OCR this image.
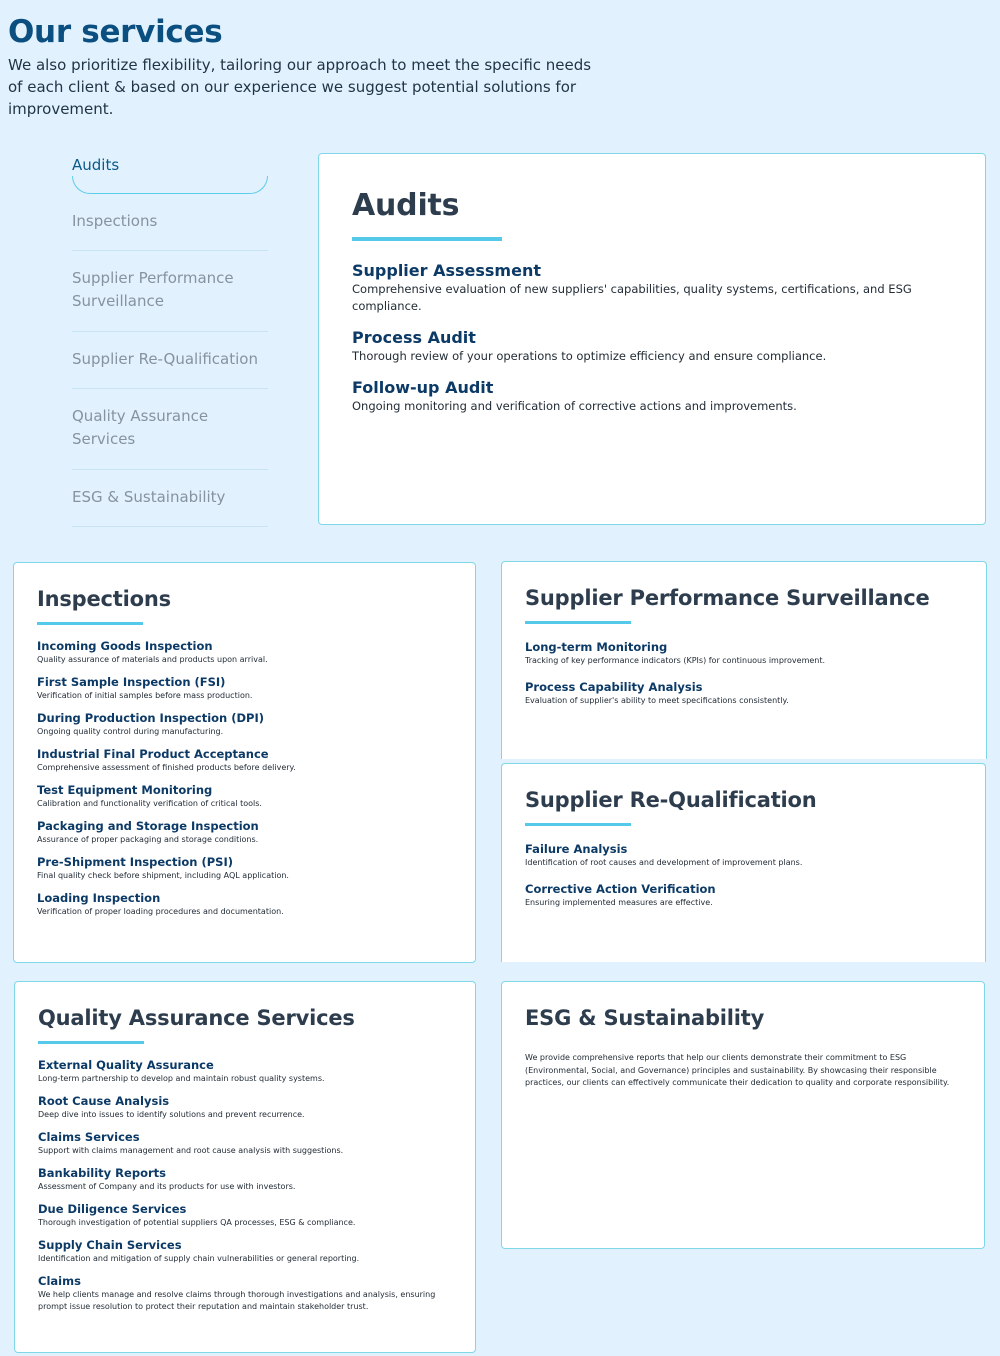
Our services

We also prioritize flexibility, tailoring our approach to meet the specific needs of each client & based on our experience we suggest potential solutions for improvement.

Audits
Inspections
Supplier Performance Surveillance
Supplier Re-Qualification
Quality Assurance Services
ESG & Sustainability
Audits
Supplier Assessment
Comprehensive evaluation of new suppliers' capabilities, quality systems, certifications, and ESG compliance.
Process Audit
Thorough review of your operations to optimize efficiency and ensure compliance.
Follow-up Audit
Ongoing monitoring and verification of corrective actions and improvements.
Inspections
Incoming Goods Inspection
Quality assurance of materials and products upon arrival.
First Sample Inspection (FSI)
Verification of initial samples before mass production.
During Production Inspection (DPI)
Ongoing quality control during manufacturing.
Industrial Final Product Acceptance
Comprehensive assessment of finished products before delivery.
Test Equipment Monitoring
Calibration and functionality verification of critical tools.
Packaging and Storage Inspection
Assurance of proper packaging and storage conditions.
Pre-Shipment Inspection (PSI)
Final quality check before shipment, including AQL application.
Loading Inspection
Verification of proper loading procedures and documentation.
Supplier Performance Surveillance
Long-term Monitoring
Tracking of key performance indicators (KPIs) for continuous improvement.
Process Capability Analysis
Evaluation of supplier's ability to meet specifications consistently.
Supplier Re-Qualification
Failure Analysis
Identification of root causes and development of improvement plans.
Corrective Action Verification
Ensuring implemented measures are effective.
Quality Assurance Services
External Quality Assurance
Long-term partnership to develop and maintain robust quality systems.
Root Cause Analysis
Deep dive into issues to identify solutions and prevent recurrence.
Claims Services
Support with claims management and root cause analysis with suggestions.
Bankability Reports
Assessment of Company and its products for use with investors.
Due Diligence Services
Thorough investigation of potential suppliers QA processes, ESG & compliance.
Supply Chain Services
Identification and mitigation of supply chain vulnerabilities or general reporting.
Claims
We help clients manage and resolve claims through thorough investigations and analysis, ensuring prompt issue resolution to protect their reputation and maintain stakeholder trust.
ESG & Sustainability

We provide comprehensive reports that help our clients demonstrate their commitment to ESG (Environmental, Social, and Governance) principles and sustainability. By showcasing their responsible practices, our clients can effectively communicate their dedication to quality and corporate responsibility.
